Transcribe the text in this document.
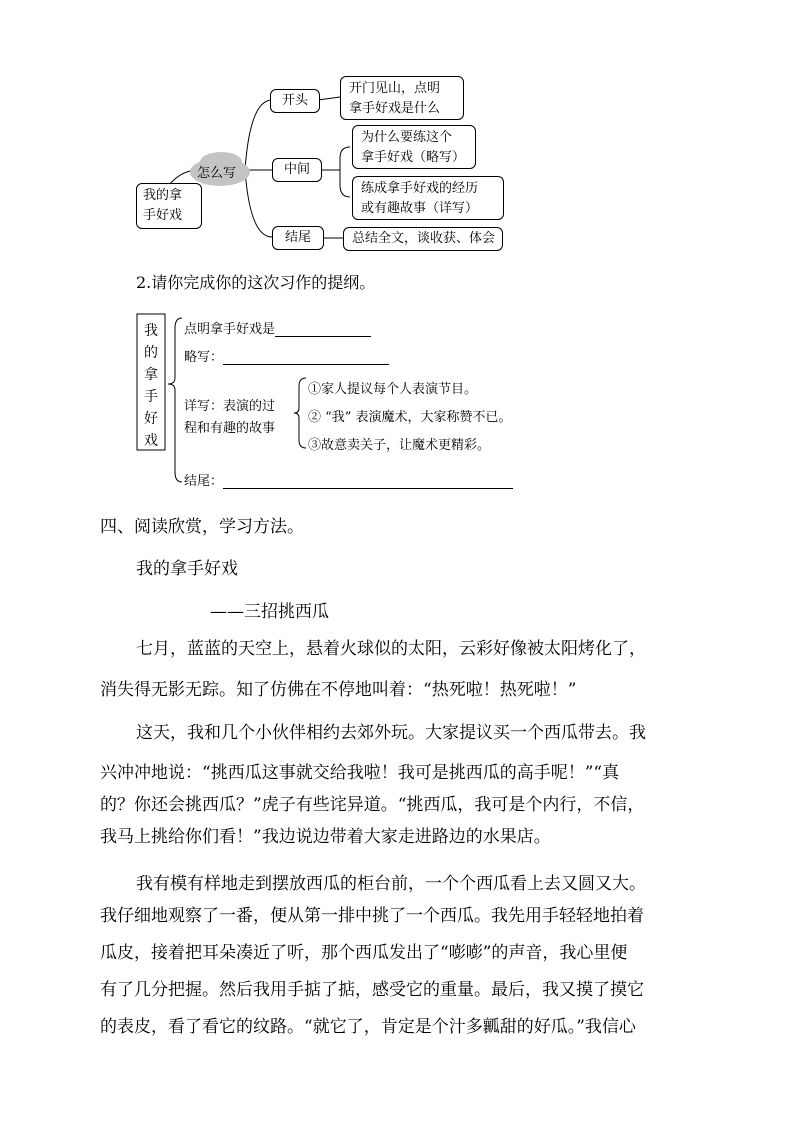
我的拿
手好戏
怎么写
开头
开门见山，点明
拿手好戏是什么
中间
为什么要练这个
拿手好戏（略写）
练成拿手好戏的经历
或有趣故事（详写）
结尾	总结全文，谈收获、体会
2.请你完成你的这次习作的提纲。
我的拿手好戏
点明拿手好戏是
略写：
详写：表演的过
程和有趣的故事
①家人提议每个人表演节目。
② “我” 表演魔术，大家称赞不已。
③故意卖关子，让魔术更精彩。
结尾：
四、阅读欣赏，学习方法。
我的拿手好戏
——三招挑西瓜
七月，蓝蓝的天空上，悬着火球似的太阳，云彩好像被太阳烤化了，
消失得无影无踪。知了仿佛在不停地叫着：“热死啦！热死啦！”
这天，我和几个小伙伴相约去郊外玩。大家提议买一个西瓜带去。我
兴冲冲地说：“挑西瓜这事就交给我啦！我可是挑西瓜的高手呢！”“真
的？你还会挑西瓜？”虎子有些诧异道。“挑西瓜，我可是个内行，不信，
我马上挑给你们看！”我边说边带着大家走进路边的水果店。
我有模有样地走到摆放西瓜的柜台前，一个个西瓜看上去又圆又大。
我仔细地观察了一番，便从第一排中挑了一个西瓜。我先用手轻轻地拍着
瓜皮，接着把耳朵凑近了听，那个西瓜发出了“嘭嘭”的声音，我心里便
有了几分把握。然后我用手掂了掂，感受它的重量。最后，我又摸了摸它
的表皮，看了看它的纹路。“就它了，肯定是个汁多瓤甜的好瓜。”我信心
